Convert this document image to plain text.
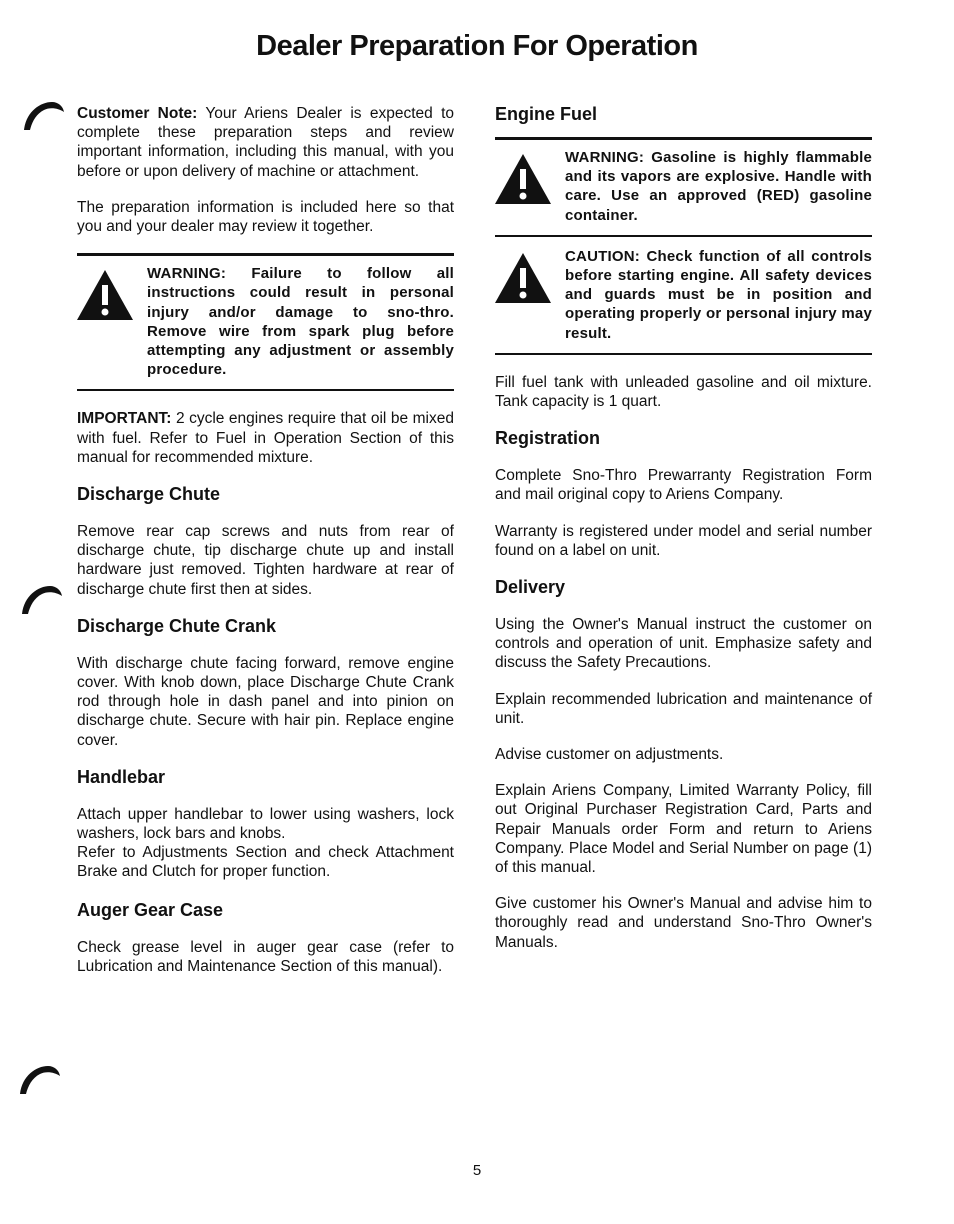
Dealer Preparation For Operation

Customer Note: Your Ariens Dealer is expected to complete these preparation steps and review important information, including this manual, with you before or upon delivery of machine or attachment.

The preparation information is included here so that you and your dealer may review it together.

WARNING: Failure to follow all instructions could result in personal injury and/or damage to sno-thro. Remove wire from spark plug before attempting any adjustment or assembly procedure.

IMPORTANT: 2 cycle engines require that oil be mixed with fuel. Refer to Fuel in Operation Section of this manual for recommended mixture.

Discharge Chute

Remove rear cap screws and nuts from rear of discharge chute, tip discharge chute up and install hardware just removed. Tighten hardware at rear of discharge chute first then at sides.

Discharge Chute Crank

With discharge chute facing forward, remove engine cover. With knob down, place Discharge Chute Crank rod through hole in dash panel and into pinion on discharge chute. Secure with hair pin. Replace engine cover.

Handlebar

Attach upper handlebar to lower using washers, lock washers, lock bars and knobs.
Refer to Adjustments Section and check Attachment Brake and Clutch for proper function.

Auger Gear Case

Check grease level in auger gear case (refer to Lubrication and Maintenance Section of this manual).

Engine Fuel
WARNING: Gasoline is highly flammable and its vapors are explosive. Handle with care. Use an approved (RED) gasoline container.
CAUTION: Check function of all controls before starting engine. All safety devices and guards must be in position and operating properly or personal injury may result.

Fill fuel tank with unleaded gasoline and oil mixture. Tank capacity is 1 quart.

Registration

Complete Sno-Thro Prewarranty Registration Form and mail original copy to Ariens Company.

Warranty is registered under model and serial number found on a label on unit.

Delivery

Using the Owner's Manual instruct the customer on controls and operation of unit. Emphasize safety and discuss the Safety Precautions.

Explain recommended lubrication and maintenance of unit.

Advise customer on adjustments.

Explain Ariens Company, Limited Warranty Policy, fill out Original Purchaser Registration Card, Parts and Repair Manuals order Form and return to Ariens Company. Place Model and Serial Number on page (1) of this manual.

Give customer his Owner's Manual and advise him to thoroughly read and understand Sno-Thro Owner's Manuals.

5
